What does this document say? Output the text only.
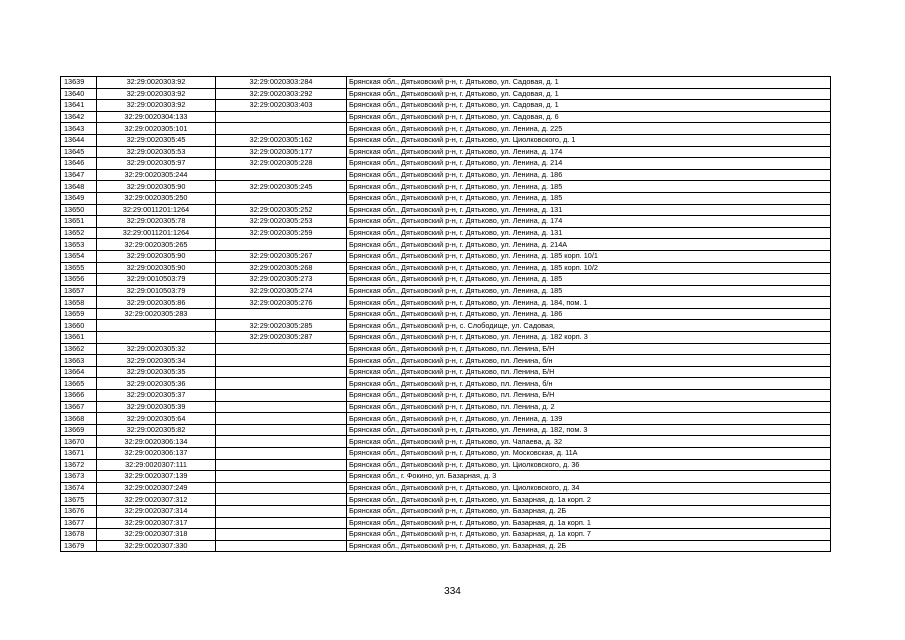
13639	32:29:0020303:92	32:29:0020303:284	Брянская обл., Дятьковский р-н, г. Дятьково, ул. Садовая, д. 1
13640	32:29:0020303:92	32:29:0020303:292	Брянская обл., Дятьковский р-н, г. Дятьково, ул. Садовая, д. 1
13641	32:29:0020303:92	32:29:0020303:403	Брянская обл., Дятьковский р-н, г. Дятьково, ул. Садовая, д. 1
13642	32:29:0020304:133		Брянская обл., Дятьковский р-н, г. Дятьково, ул. Садовая, д. 6
13643	32:29:0020305:101		Брянская обл., Дятьковский р-н, г. Дятьково, ул. Ленина, д. 225
13644	32:29:0020305:45	32:29:0020305:162	Брянская обл., Дятьковский р-н, г. Дятьково, ул. Циолковского, д. 1
13645	32:29:0020305:53	32:29:0020305:177	Брянская обл., Дятьковский р-н, г. Дятьково, ул. Ленина, д. 174
13646	32:29:0020305:97	32:29:0020305:228	Брянская обл., Дятьковский р-н, г. Дятьково, ул. Ленина, д. 214
13647	32:29:0020305:244		Брянская обл., Дятьковский р-н, г. Дятьково, ул. Ленина, д. 186
13648	32:29:0020305:90	32:29:0020305:245	Брянская обл., Дятьковский р-н, г. Дятьково, ул. Ленина, д. 185
13649	32:29:0020305:250		Брянская обл., Дятьковский р-н, г. Дятьково, ул. Ленина, д. 185
13650	32:29:0011201:1264	32:29:0020305:252	Брянская обл., Дятьковский р-н, г. Дятьково, ул. Ленина, д. 131
13651	32:29:0020305:78	32:29:0020305:253	Брянская обл., Дятьковский р-н, г. Дятьково, ул. Ленина, д. 174
13652	32:29:0011201:1264	32:29:0020305:259	Брянская обл., Дятьковский р-н, г. Дятьково, ул. Ленина, д. 131
13653	32:29:0020305:265		Брянская обл., Дятьковский р-н, г. Дятьково, ул. Ленина, д. 214А
13654	32:29:0020305:90	32:29:0020305:267	Брянская обл., Дятьковский р-н, г. Дятьково, ул. Ленина, д. 185 корп. 10/1
13655	32:29:0020305:90	32:29:0020305:268	Брянская обл., Дятьковский р-н, г. Дятьково, ул. Ленина, д. 185 корп. 10/2
13656	32:29:0010503:79	32:29:0020305:273	Брянская обл., Дятьковский р-н, г. Дятьково, ул. Ленина, д. 185
13657	32:29:0010503:79	32:29:0020305:274	Брянская обл., Дятьковский р-н, г. Дятьково, ул. Ленина, д. 185
13658	32:29:0020305:86	32:29:0020305:276	Брянская обл., Дятьковский р-н, г. Дятьково, ул. Ленина, д. 184, пом. 1
13659	32:29:0020305:283		Брянская обл., Дятьковский р-н, г. Дятьково, ул. Ленина, д. 186
13660		32:29:0020305:285	Брянская обл., Дятьковский р-н, с. Слободище, ул. Садовая,
13661		32:29:0020305:287	Брянская обл., Дятьковский р-н, г. Дятьково, ул. Ленина, д. 182 корп. 3
13662	32:29:0020305:32		Брянская обл., Дятьковский р-н, г. Дятьково, пл. Ленина, Б/Н
13663	32:29:0020305:34		Брянская обл., Дятьковский р-н, г. Дятьково, пл. Ленина, б/н
13664	32:29:0020305:35		Брянская обл., Дятьковский р-н, г. Дятьково, пл. Ленина, Б/Н
13665	32:29:0020305:36		Брянская обл., Дятьковский р-н, г. Дятьково, пл. Ленина, б/н
13666	32:29:0020305:37		Брянская обл., Дятьковский р-н, г. Дятьково, пл. Ленина, Б/Н
13667	32:29:0020305:39		Брянская обл., Дятьковский р-н, г. Дятьково, пл. Ленина, д. 2
13668	32:29:0020305:64		Брянская обл., Дятьковский р-н, г. Дятьково, ул. Ленина, д. 139
13669	32:29:0020305:82		Брянская обл., Дятьковский р-н, г. Дятьково, ул. Ленина, д. 182, пом. 3
13670	32:29:0020306:134		Брянская обл., Дятьковский р-н, г. Дятьково, ул. Чапаева, д. 32
13671	32:29:0020306:137		Брянская обл., Дятьковский р-н, г. Дятьково, ул. Московская, д. 11А
13672	32:29:0020307:111		Брянская обл., Дятьковский р-н, г. Дятьково, ул. Циолковского, д. 36
13673	32:29:0020307:139		Брянская обл., г. Фокино, ул. Базарная, д. 3
13674	32:29:0020307:249		Брянская обл., Дятьковский р-н, г. Дятьково, ул. Циолковского, д. 34
13675	32:29:0020307:312		Брянская обл., Дятьковский р-н, г. Дятьково, ул. Базарная, д. 1а корп. 2
13676	32:29:0020307:314		Брянская обл., Дятьковский р-н, г. Дятьково, ул. Базарная, д. 2Б
13677	32:29:0020307:317		Брянская обл., Дятьковский р-н, г. Дятьково, ул. Базарная, д. 1а корп. 1
13678	32:29:0020307:318		Брянская обл., Дятьковский р-н, г. Дятьково, ул. Базарная, д. 1а корп. 7
13679	32:29:0020307:330		Брянская обл., Дятьковский р-н, г. Дятьково, ул. Базарная, д. 2Б
334
